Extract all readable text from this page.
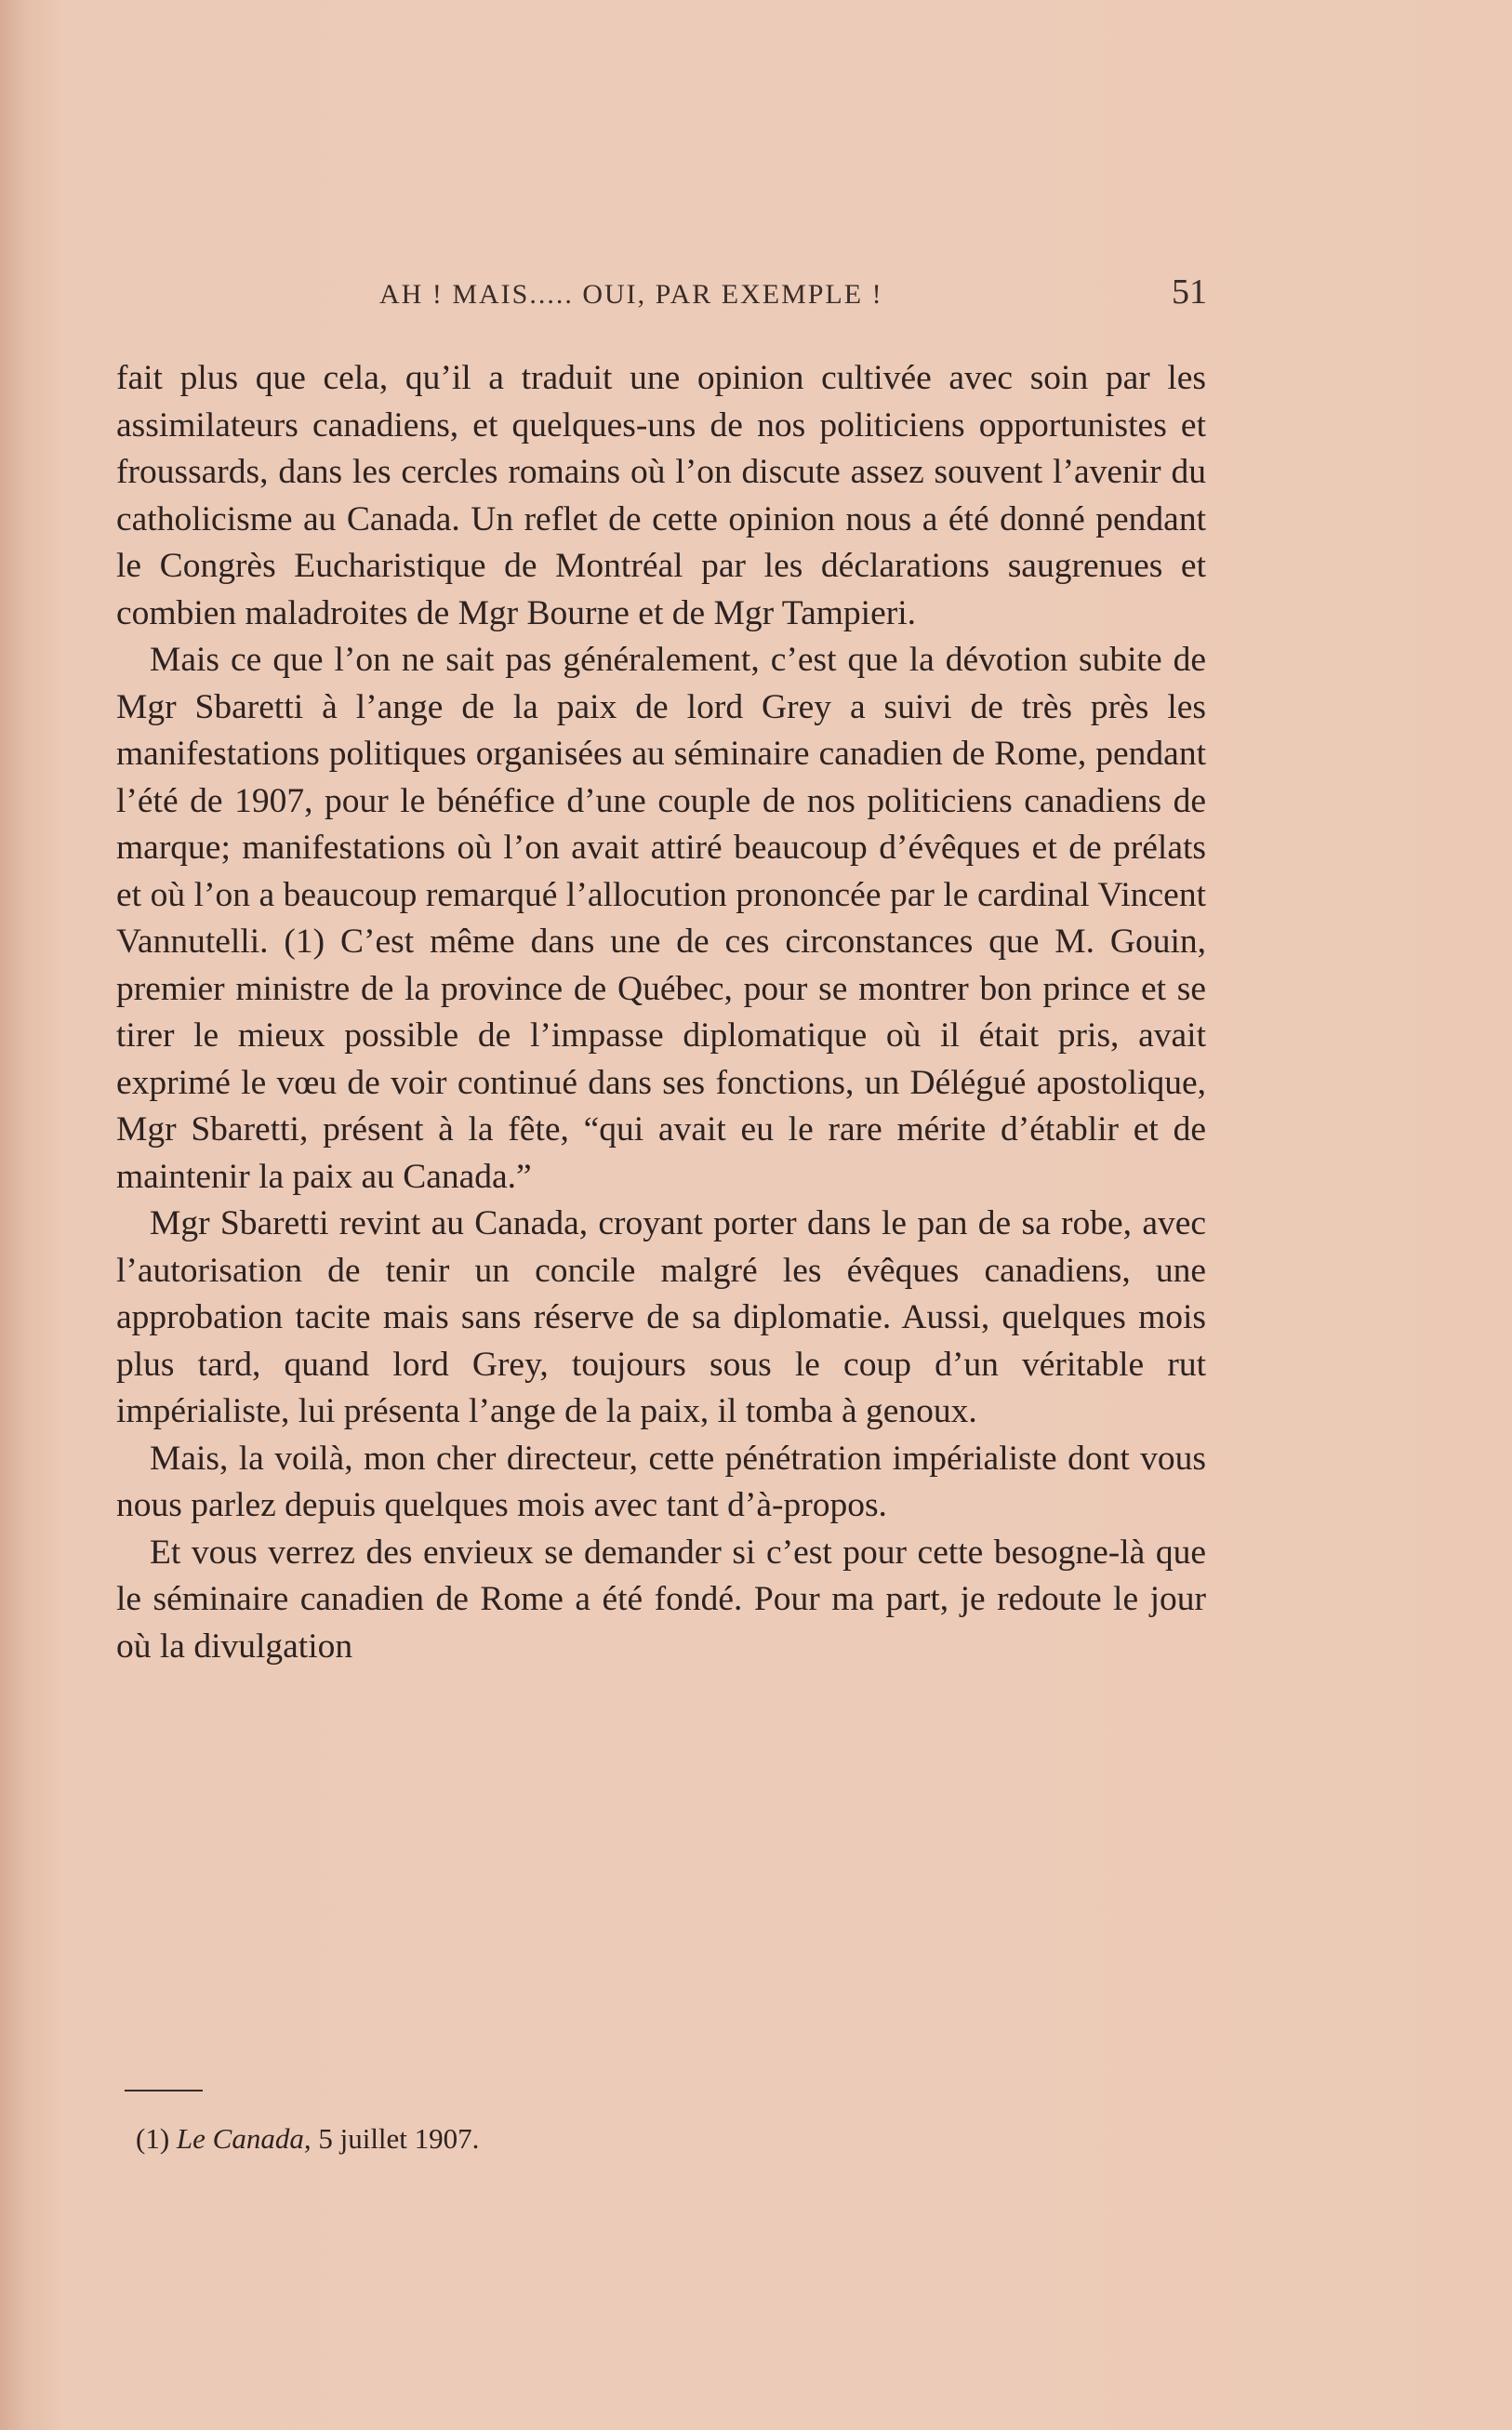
AH ! MAIS..... OUI, PAR EXEMPLE !	51

fait plus que cela, qu’il a traduit une opinion cultivée avec soin par les assimilateurs canadiens, et quelques-uns de nos politiciens opportunistes et froussards, dans les cercles romains où l’on discute assez souvent l’avenir du catholicisme au Canada. Un reflet de cette opinion nous a été donné pendant le Congrès Eucharistique de Montréal par les déclarations saugrenues et combien maladroites de Mgr Bourne et de Mgr Tampieri.

Mais ce que l’on ne sait pas généralement, c’est que la dévotion subite de Mgr Sbaretti à l’ange de la paix de lord Grey a suivi de très près les manifestations politiques organisées au séminaire canadien de Rome, pendant l’été de 1907, pour le bénéfice d’une couple de nos politiciens canadiens de marque; manifestations où l’on avait attiré beaucoup d’évêques et de prélats et où l’on a beaucoup remarqué l’allocution prononcée par le cardinal Vincent Vannutelli. (1) C’est même dans une de ces circonstances que M. Gouin, premier ministre de la province de Québec, pour se montrer bon prince et se tirer le mieux possible de l’impasse diplomatique où il était pris, avait exprimé le vœu de voir continué dans ses fonctions, un Délégué apostolique, Mgr Sbaretti, présent à la fête, “qui avait eu le rare mérite d’établir et de maintenir la paix au Canada.”

Mgr Sbaretti revint au Canada, croyant porter dans le pan de sa robe, avec l’autorisation de tenir un concile malgré les évêques canadiens, une approbation tacite mais sans réserve de sa diplomatie. Aussi, quelques mois plus tard, quand lord Grey, toujours sous le coup d’un véritable rut impérialiste, lui présenta l’ange de la paix, il tomba à genoux.

Mais, la voilà, mon cher directeur, cette pénétration impérialiste dont vous nous parlez depuis quelques mois avec tant d’à-propos.

Et vous verrez des envieux se demander si c’est pour cette besogne-là que le séminaire canadien de Rome a été fondé. Pour ma part, je redoute le jour où la divulgation

(1) Le Canada, 5 juillet 1907.
